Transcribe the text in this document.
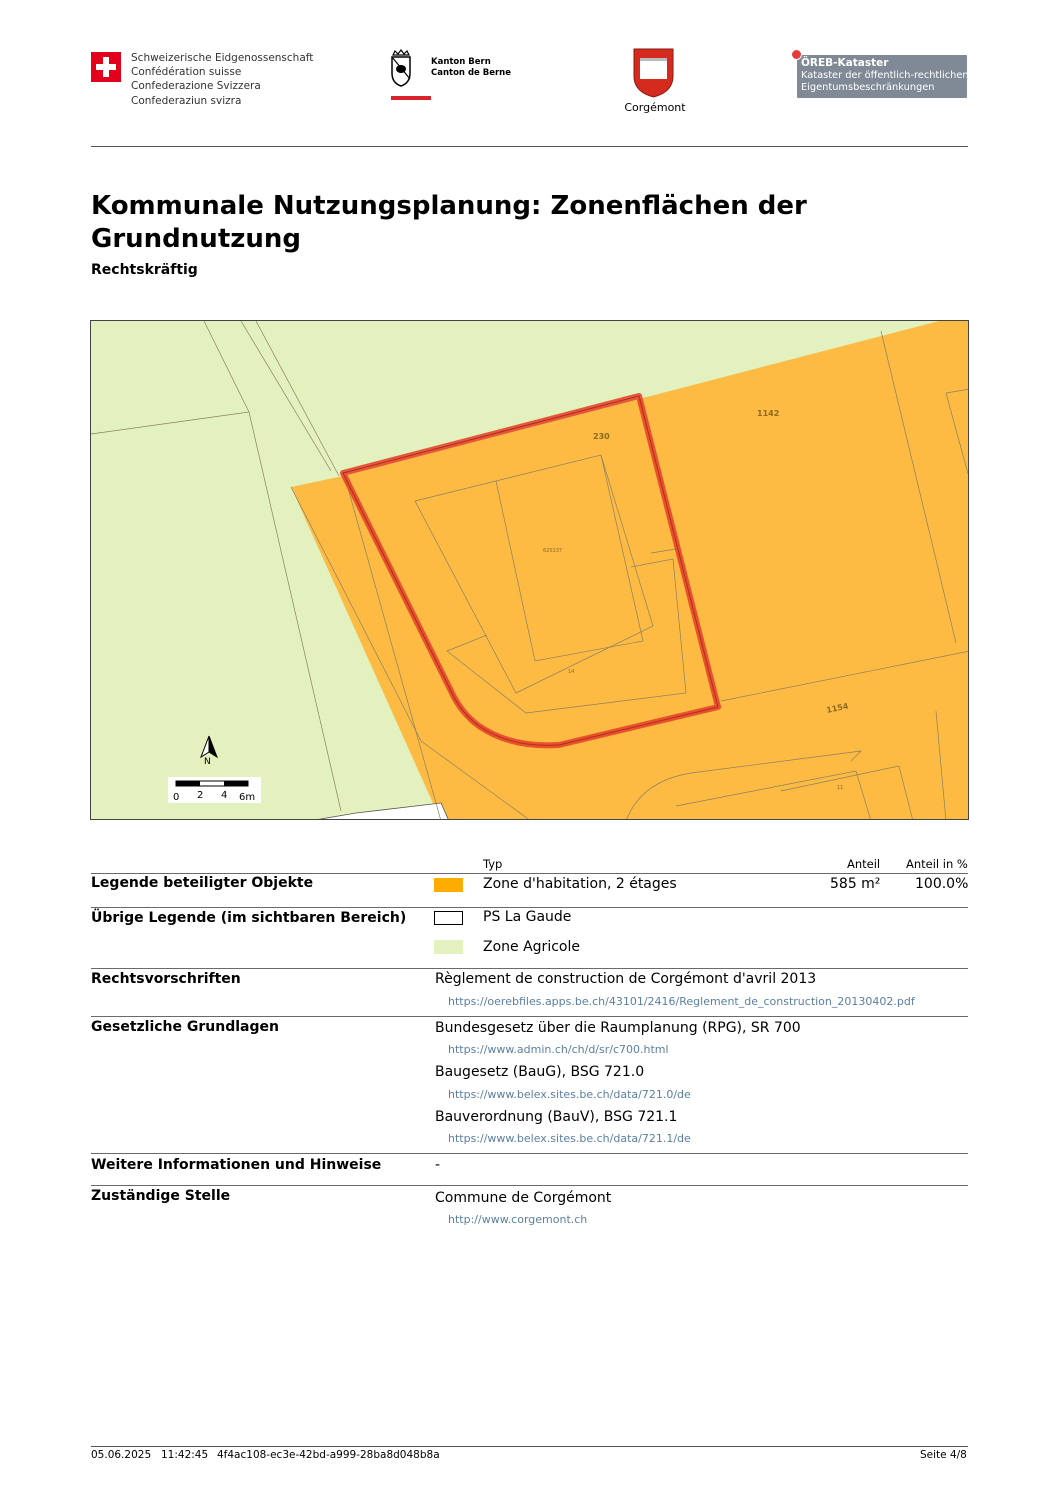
Schweizerische Eidgenossenschaft
Confédération suisse
Confederazione Svizzera
Confederaziun svizra
Kanton Bern
Canton de Berne
Corgémont
ÖREB-Kataster
Kataster der öffentlich-rechtlichen
Eigentumsbeschränkungen
Kommunale Nutzungsplanung: Zonenflächen der Grundnutzung
Rechtskräftig
230
1142
1154
620137
14
11
N
0 2 4 6m
Typ	Anteil Anteil in %
Legende beteiligter Objekte	Zone d'habitation, 2 étages	585 m² 100.0%
Übrige Legende (im sichtbaren Bereich)	PS La Gaude
Zone Agricole
Rechtsvorschriften	Règlement de construction de Corgémont d'avril 2013
https://oerebfiles.apps.be.ch/43101/2416/Reglement_de_construction_20130402.pdf
Gesetzliche Grundlagen	Bundesgesetz über die Raumplanung (RPG), SR 700
https://www.admin.ch/ch/d/sr/c700.html
Baugesetz (BauG), BSG 721.0
https://www.belex.sites.be.ch/data/721.0/de
Bauverordnung (BauV), BSG 721.1
https://www.belex.sites.be.ch/data/721.1/de
Weitere Informationen und Hinweise	-
Zuständige Stelle	Commune de Corgémont
http://www.corgemont.ch
05.06.2025 11:42:45 4f4ac108-ec3e-42bd-a999-28ba8d048b8a	Seite 4/8
